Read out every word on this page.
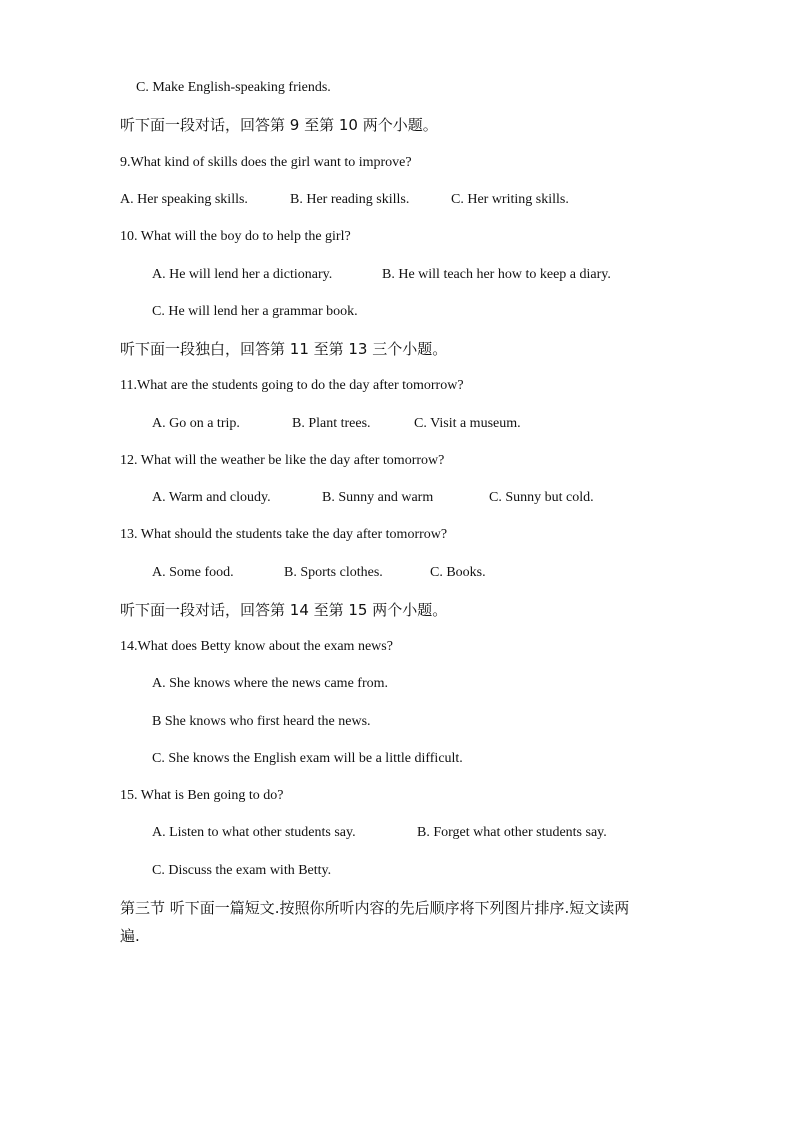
C. Make English-speaking friends.
听下面一段对话，回答第 9 至第 10 两个小题。
9.What kind of skills does the girl want to improve?
A. Her speaking skills.	B. Her reading skills.	C. Her writing skills.
10. What will the boy do to help the girl?
A. He will lend her a dictionary.	B. He will teach her how to keep a diary.
C. He will lend her a grammar book.
听下面一段独白，回答第 11 至第 13 三个小题。
11.What are the students going to do the day after tomorrow?
A. Go on a trip.	B. Plant trees.	C. Visit a museum.
12. What will the weather be like the day after tomorrow?
A. Warm and cloudy.	B. Sunny and warm	C. Sunny but cold.
13. What should the students take the day after tomorrow?
A. Some food.	B. Sports clothes.	C. Books.
听下面一段对话，回答第 14 至第 15 两个小题。
14.What does Betty know about the exam news?
A. She knows where the news came from.
B She knows who first heard the news.
C. She knows the English exam will be a little difficult.
15. What is Ben going to do?
A. Listen to what other students say.	B. Forget what other students say.
C. Discuss the exam with Betty.
第三节 听下面一篇短文.按照你所听内容的先后顺序将下列图片排序.短文读两
遍.
